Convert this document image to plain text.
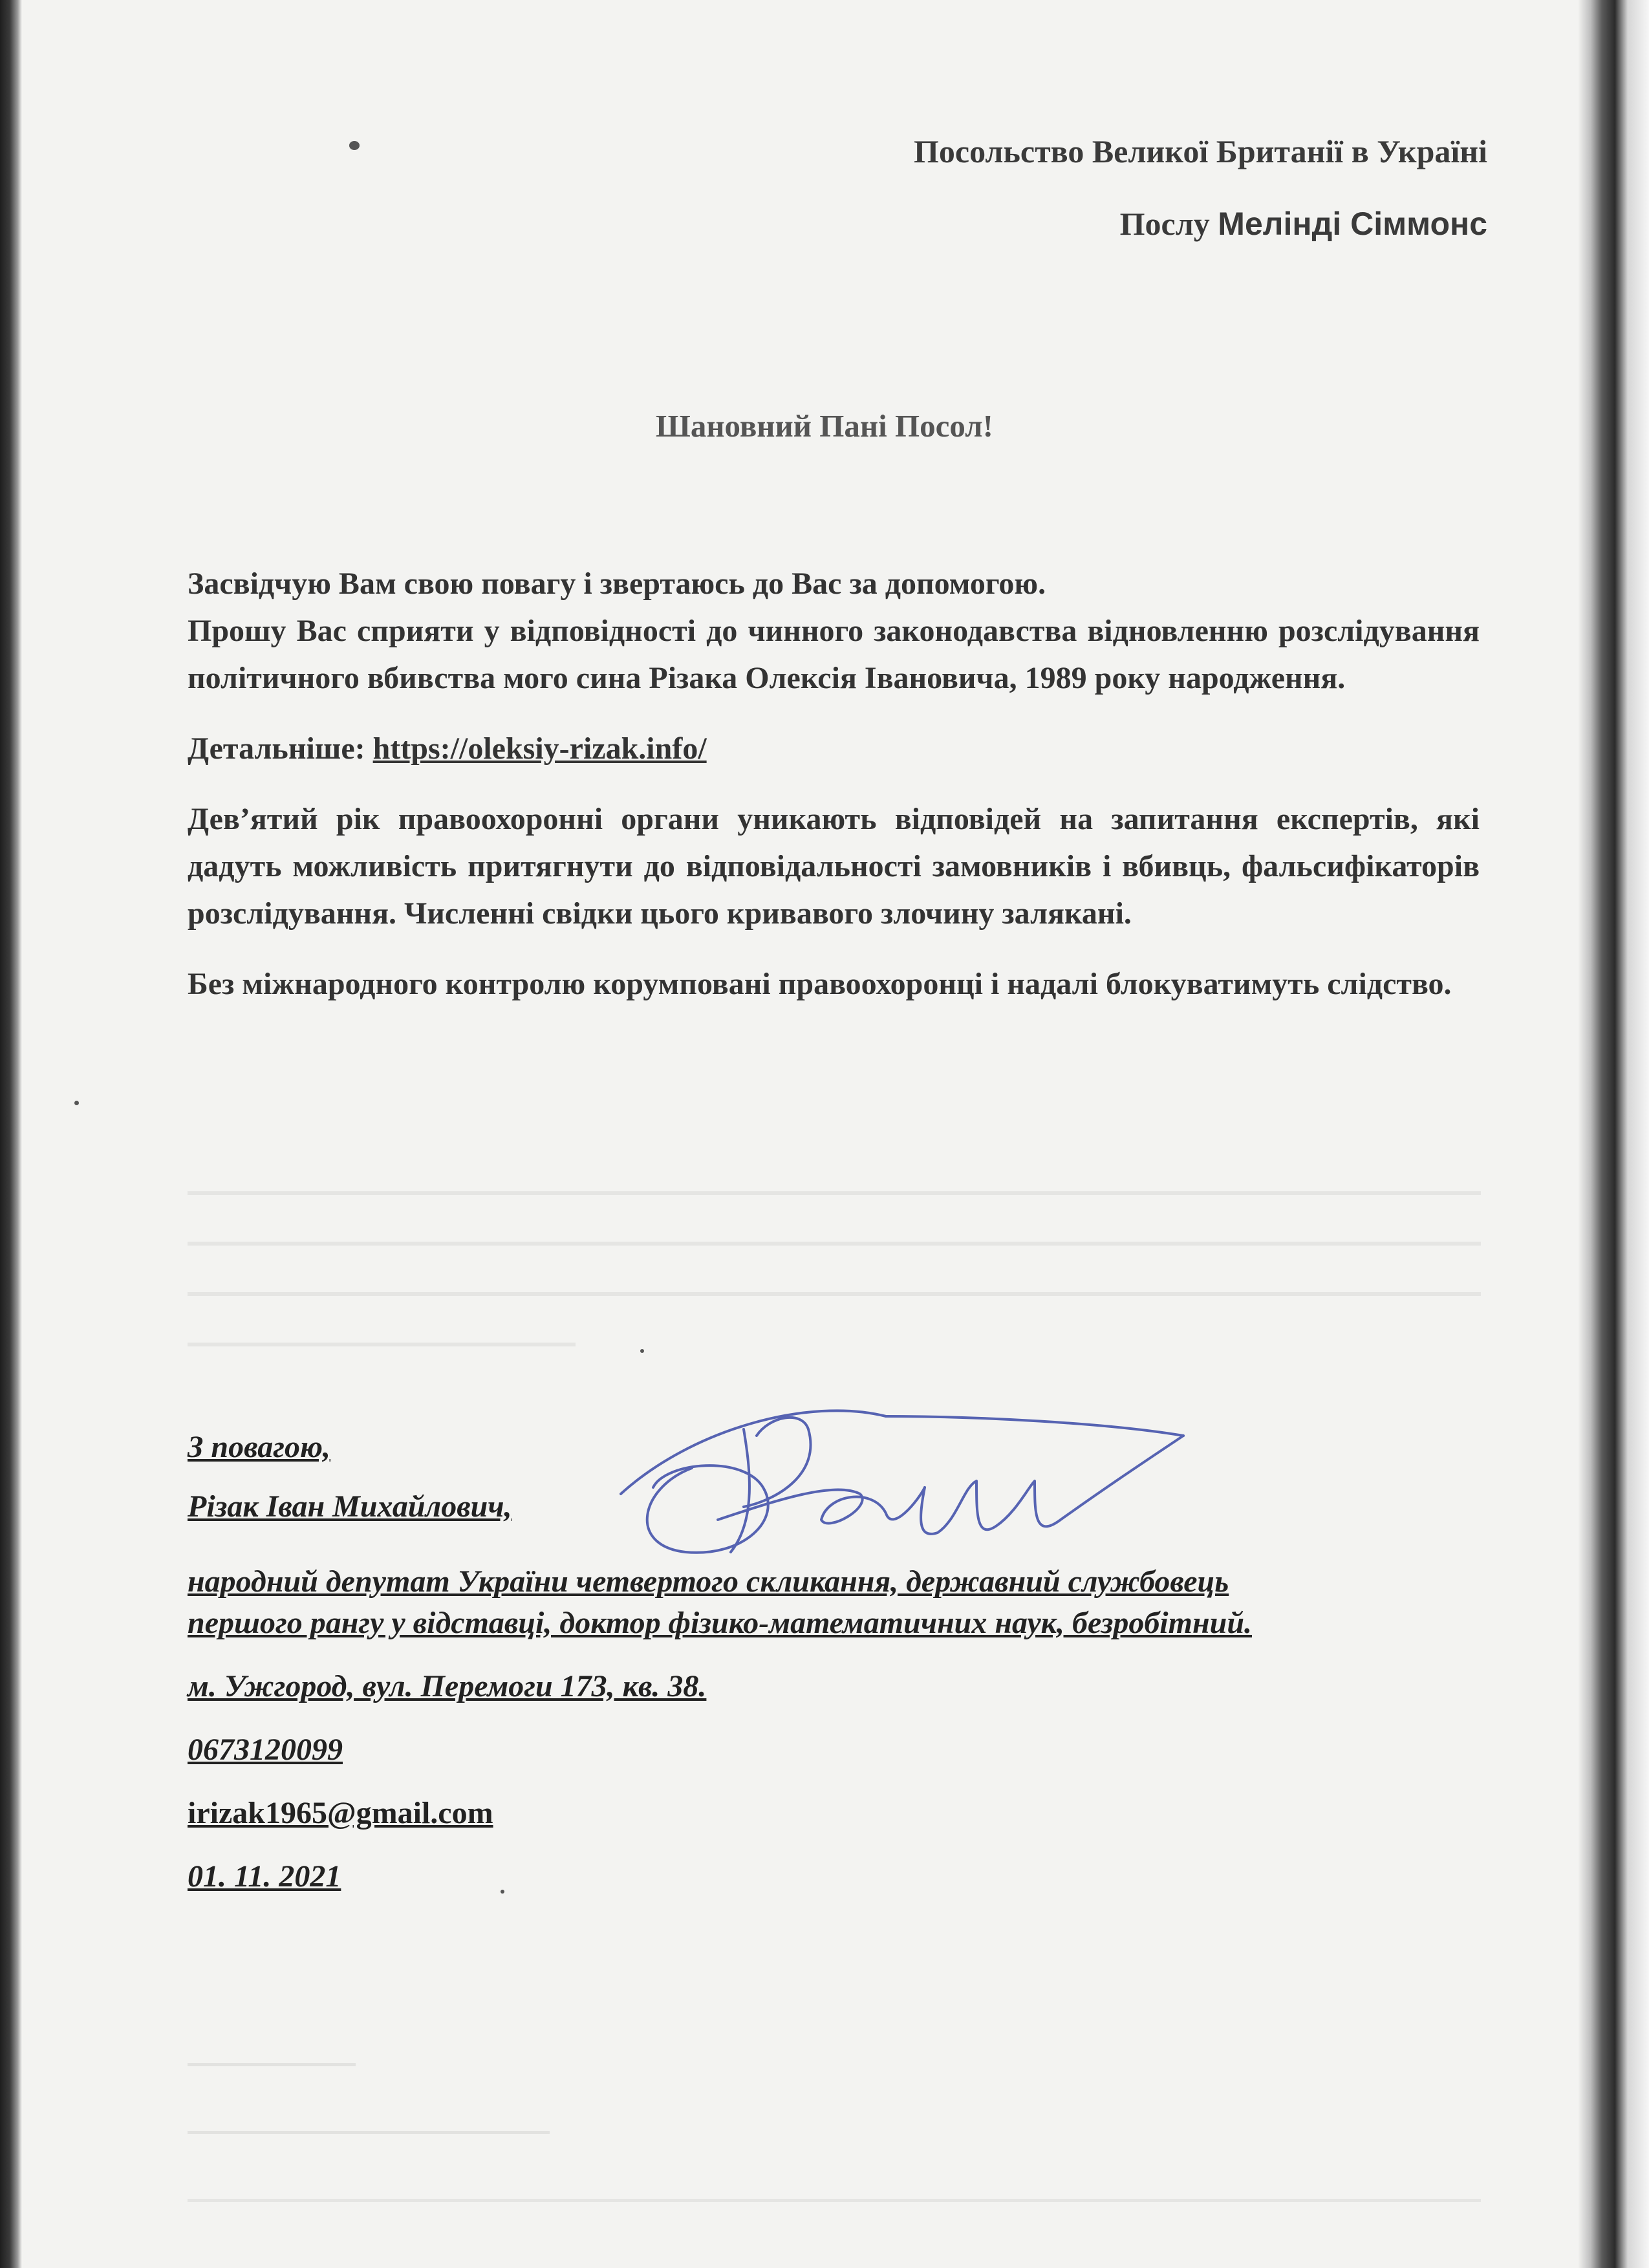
Посольство Великої Британії в Україні
Послу Мелінді Сіммонс
Шановний Пані Посол!

Засвідчую Вам свою повагу і звертаюсь до Вас за допомогою.

Прошу Вас сприяти у відповідності до чинного законодавства відновленню розслідування політичного вбивства мого сина Різака Олексія Івановича, 1989 року народження.

Детальніше: https://oleksiy-rizak.info/

Дев’ятий рік правоохоронні органи уникають відповідей на запитання експертів, які дадуть можливість притягнути до відповідальності замовників і вбивць, фальсифікаторів розслідування. Численні свідки цього кривавого злочину залякані.

Без міжнародного контролю корумповані правоохоронці і надалі блокуватимуть слідство.

З повагою,
Різак Іван Михайлович,
народний депутат України четвертого скликання, державний службовець
першого рангу у відставці, доктор фізико-математичних наук, безробітний.
м. Ужгород, вул. Перемоги 173, кв. 38.
0673120099
irizak1965@gmail.com
01. 11. 2021
